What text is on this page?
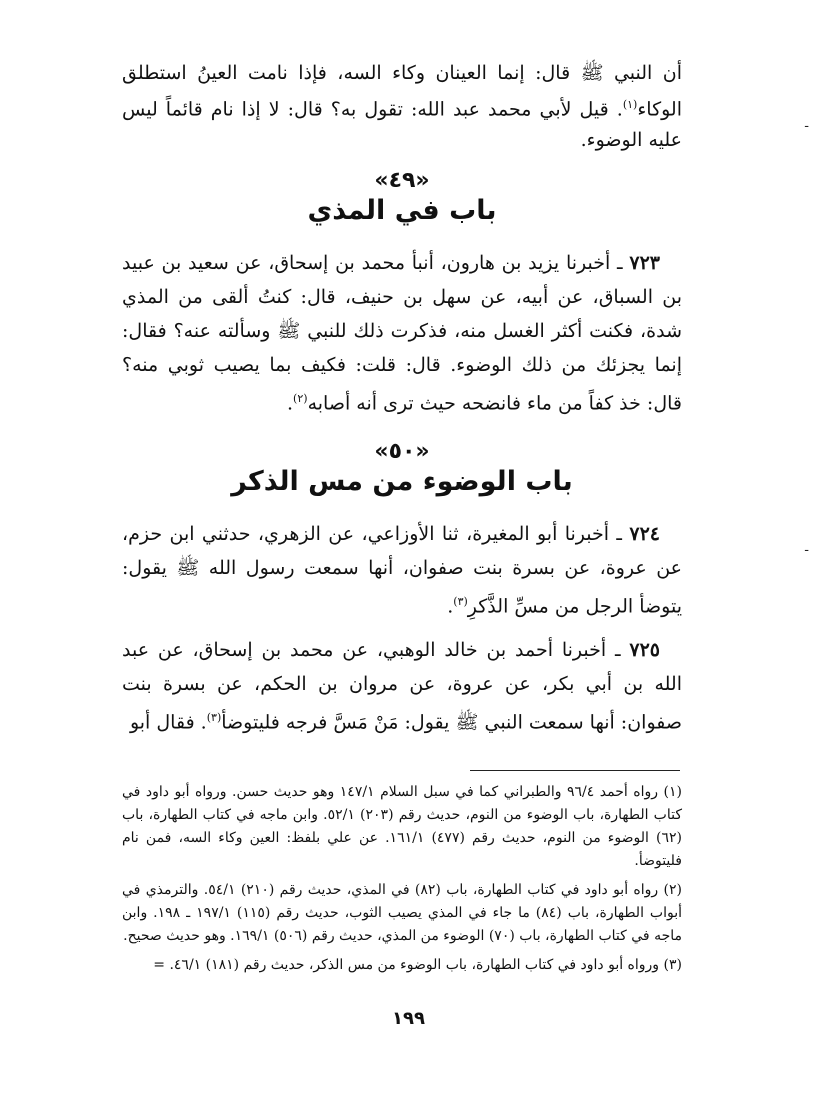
أن النبي ﷺ قال: إنما العينان وكاء السه، فإذا نامت العينُ استطلق الوكاء$^{(١)}$. قيل لأبي محمد عبد الله: تقول به؟ قال: لا إذا نام قائماً ليس عليه الوضوء.

«٤٩»
باب في المذي

٧٢٣ ـ أخبرنا يزيد بن هارون، أنبأ محمد بن إسحاق، عن سعيد بن عبيد بن السباق، عن أبيه، عن سهل بن حنيف، قال: كنتُ ألقى من المذي شدة، فكنت أكثر الغسل منه، فذكرت ذلك للنبي ﷺ وسألته عنه؟ فقال: إنما يجزئك من ذلك الوضوء. قال: قلت: فكيف بما يصيب ثوبي منه؟ قال: خذ كفاً من ماء فانضحه حيث ترى أنه أصابه$^{(٢)}$.

«٥٠»
باب الوضوء من مس الذكر

٧٢٤ ـ أخبرنا أبو المغيرة، ثنا الأوزاعي، عن الزهري، حدثني ابن حزم، عن عروة، عن بسرة بنت صفوان، أنها سمعت رسول الله ﷺ يقول: يتوضأ الرجل من مسِّ الذَّكرِ$^{(٣)}$.

٧٢٥ ـ أخبرنا أحمد بن خالد الوهبي، عن محمد بن إسحاق، عن عبد الله بن أبي بكر، عن عروة، عن مروان بن الحكم، عن بسرة بنت صفوان: أنها سمعت النبي ﷺ يقول: مَنْ مَسَّ فرجه فليتوضأ$^{(٣)}$. فقال أبو

(١) رواه أحمد ٩٦/٤ والطبراني كما في سبل السلام ١٤٧/١ وهو حديث حسن. ورواه أبو داود في كتاب الطهارة، باب الوضوء من النوم، حديث رقم (٢٠٣) ٥٢/١. وابن ماجه في كتاب الطهارة، باب (٦٢) الوضوء من النوم، حديث رقم (٤٧٧) ١٦١/١. عن علي بلفظ: العين وكاء السه، فمن نام فليتوضأ.

(٢) رواه أبو داود في كتاب الطهارة، باب (٨٢) في المذي، حديث رقم (٢١٠) ٥٤/١. والترمذي في أبواب الطهارة، باب (٨٤) ما جاء في المذي يصيب الثوب، حديث رقم (١١٥) ١٩٧/١ ـ ١٩٨. وابن ماجه في كتاب الطهارة، باب (٧٠) الوضوء من المذي، حديث رقم (٥٠٦) ١٦٩/١. وهو حديث صحيح.

(٣) ورواه أبو داود في كتاب الطهارة، باب الوضوء من مس الذكر، حديث رقم (١٨١) ٤٦/١. =

١٩٩
-
-
